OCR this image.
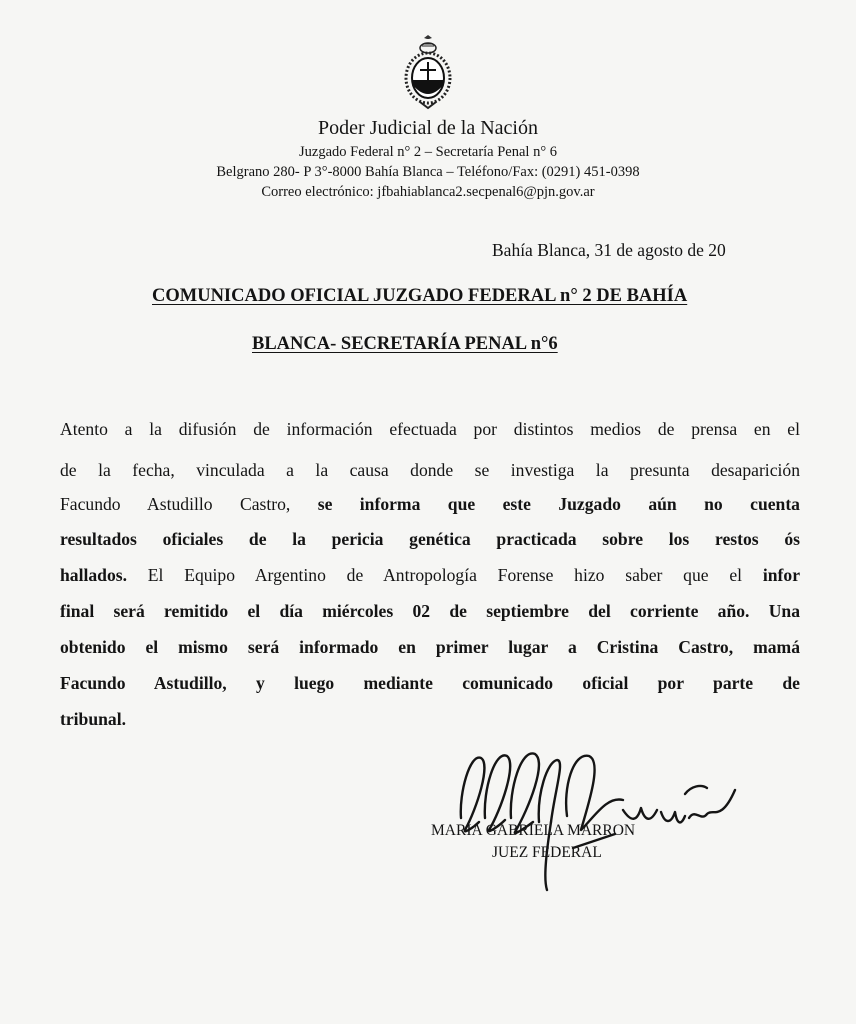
Poder Judicial de la Nación
Juzgado Federal n° 2 – Secretaría Penal n° 6
Belgrano 280- P 3°-8000 Bahía Blanca – Teléfono/Fax: (0291) 451-0398
Correo electrónico: jfbahiablanca2.secpenal6@pjn.gov.ar
Bahía Blanca, 31 de agosto de 20
COMUNICADO OFICIAL JUZGADO FEDERAL n° 2 DE BAHÍA
BLANCA- SECRETARÍA PENAL n°6
Atento a la difusión de información efectuada por distintos medios de prensa en el
de la fecha, vinculada a la causa donde se investiga la presunta desaparición
Facundo Astudillo Castro, se informa que este Juzgado aún no cuenta
resultados oficiales de la pericia genética practicada sobre los restos ós
hallados. El Equipo Argentino de Antropología Forense hizo saber que el infor
final será remitido el día miércoles 02 de septiembre del corriente año. Una
obtenido el mismo será informado en primer lugar a Cristina Castro, mamá
Facundo Astudillo, y luego mediante comunicado oficial por parte de
tribunal.
MARIA GABRIELA MARRON
JUEZ FEDERAL
